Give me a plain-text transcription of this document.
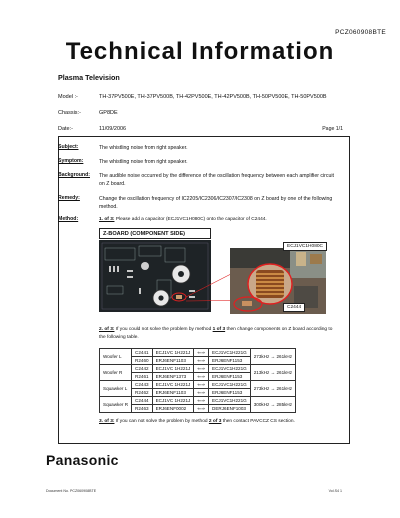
PCZ060908BTE
Technical Information
Plasma Television
Model :-	TH-37PV500E, TH-37PV500B, TH-42PV500E, TH-42PV500B, TH-50PV500E, TH-50PV500B
Chassis:-	GP8DE
Date:-	11/09/2006	Page 1/1
Subject:	The whistling noise from right speaker.
Symptom:	The whistling noise from right speaker.
Background: The audible noise occurred by the difference of the oscillation frequency between each amplifier circuit on Z board.
Remedy:	Change the oscillation frequency of IC2205/IC2306/IC2307/IC2308 on Z board by one of the following method.
Method:	1. of 3: Please add a capacitor (ECJ1VC1H080C) onto the capacitor of C2444.
Z-BOARD (COMPONENT SIDE)
ECJ1VC1H080C
C2444
2. of 3: If you could not solve the problem by method 1 of 3 then change components on Z board according to the following table.
Woofer L	C2441	ECJ1VC 1H221J	⇐⇒	ECJ1VC1H221G	273kHz → 261kHz
	R2460	ERJ6ENF1103	⇐⇒	ERJ6ENF1153	
Woofer R	C2442	ECJ1VC 1H221J	⇐⇒	ECJ1VC1H221G	213kHz → 261kHz
	R2461	ERJ6ENF1373	⇐⇒	ERJ6ENF1153	
Squawker L	C2443	ECJ1VC 1H221J	⇐⇒	ECJ1VC1H221G	273kHz → 261kHz
	R2462	ERJ6ENF1103	⇐⇒	ERJ6ENF1153	
Squawker R	C2444	ECJ1VC 1H221J	⇐⇒	ECJ1VC1H221G	300kHz → 285kHz
	R2463	ERJ6ENF0002	⇐⇒	DERJ6ENF1003	
3. of 3: If you can not solve the problem by method 2 of 3 then contact PAVCCZ CS section.
Panasonic
Document No. PCZ060908BTE	Vol.S4 1
